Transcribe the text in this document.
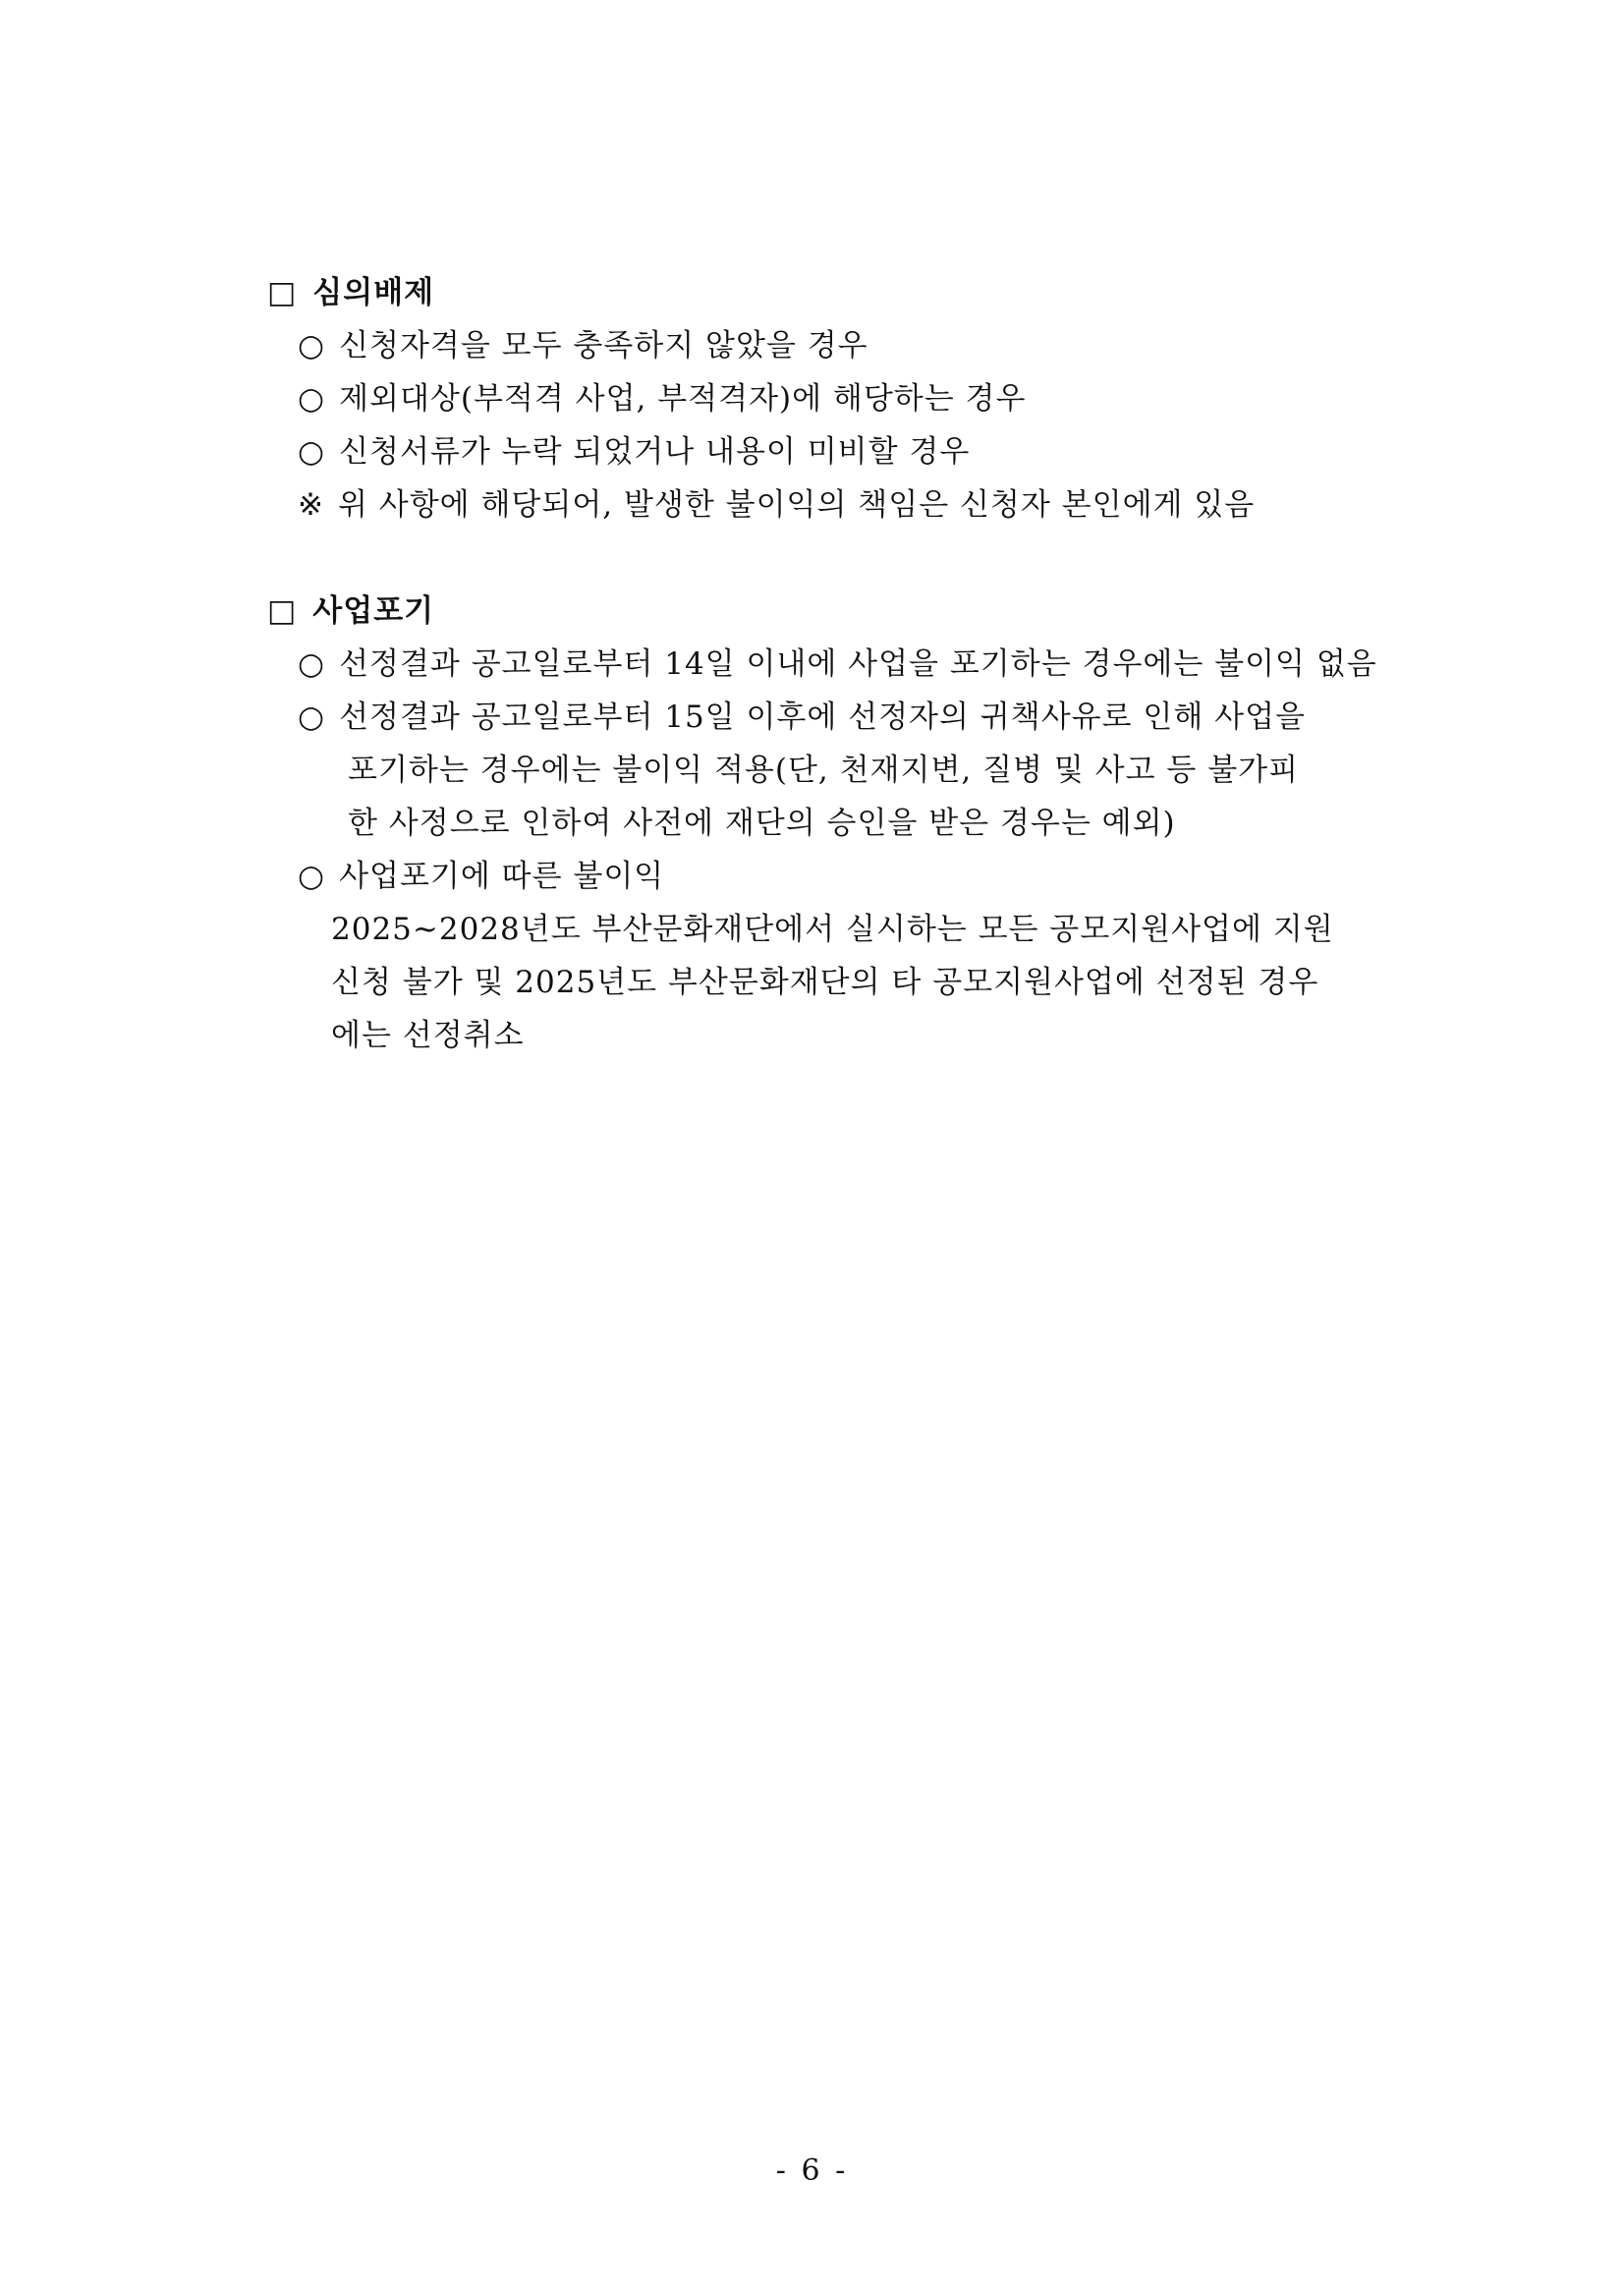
□ 심의배제
○ 신청자격을 모두 충족하지 않았을 경우
○ 제외대상(부적격 사업, 부적격자)에 해당하는 경우
○ 신청서류가 누락 되었거나 내용이 미비할 경우
※ 위 사항에 해당되어, 발생한 불이익의 책임은 신청자 본인에게 있음
□ 사업포기
○ 선정결과 공고일로부터 14일 이내에 사업을 포기하는 경우에는 불이익 없음
○ 선정결과 공고일로부터 15일 이후에 선정자의 귀책사유로 인해 사업을
포기하는 경우에는 불이익 적용(단, 천재지변, 질병 및 사고 등 불가피
한 사정으로 인하여 사전에 재단의 승인을 받은 경우는 예외)
○ 사업포기에 따른 불이익
2025~2028년도 부산문화재단에서 실시하는 모든 공모지원사업에 지원
신청 불가 및 2025년도 부산문화재단의 타 공모지원사업에 선정된 경우
에는 선정취소
- 6 -
